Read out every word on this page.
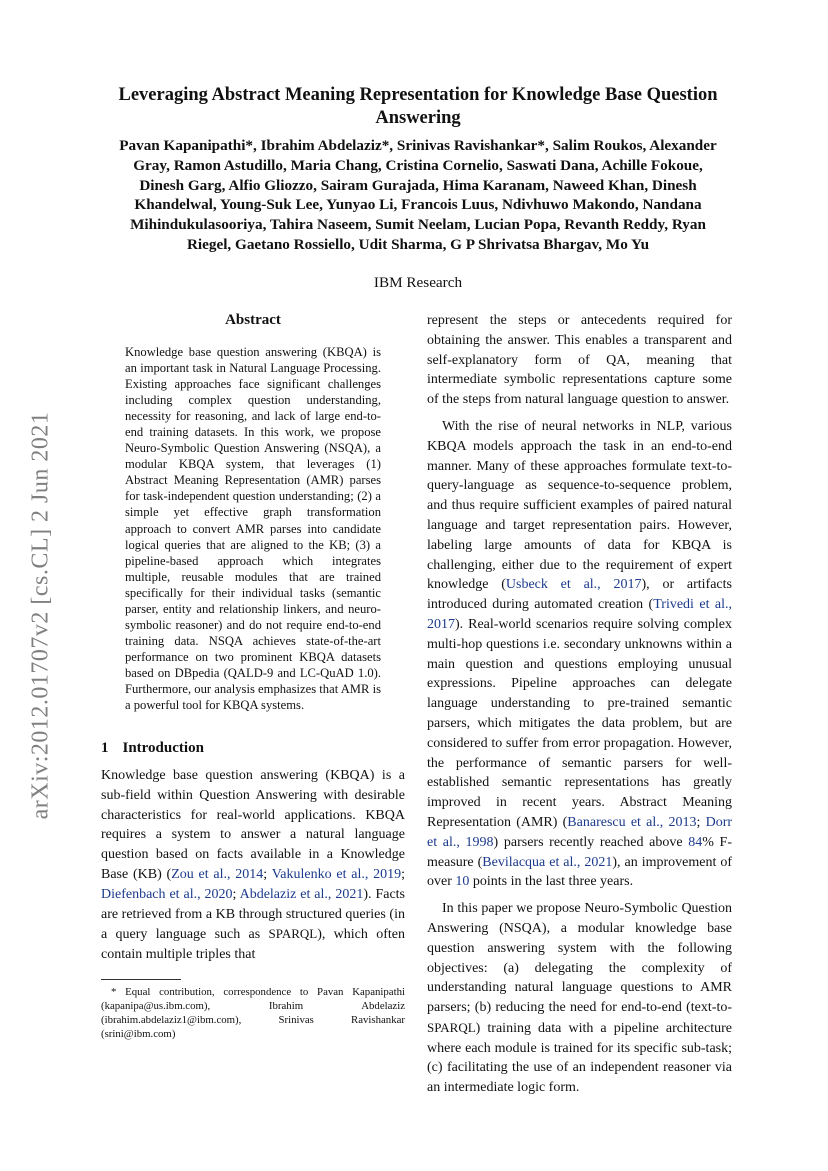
arXiv:2012.01707v2 [cs.CL] 2 Jun 2021
Leveraging Abstract Meaning Representation for Knowledge Base Question Answering
Pavan Kapanipathi*, Ibrahim Abdelaziz*, Srinivas Ravishankar*, Salim Roukos, Alexander Gray, Ramon Astudillo, Maria Chang, Cristina Cornelio, Saswati Dana, Achille Fokoue, Dinesh Garg, Alfio Gliozzo, Sairam Gurajada, Hima Karanam, Naweed Khan, Dinesh Khandelwal, Young-Suk Lee, Yunyao Li, Francois Luus, Ndivhuwo Makondo, Nandana Mihindukulasooriya, Tahira Naseem, Sumit Neelam, Lucian Popa, Revanth Reddy, Ryan Riegel, Gaetano Rossiello, Udit Sharma, G P Shrivatsa Bhargav, Mo Yu
IBM Research
Abstract

Knowledge base question answering (KBQA) is an important task in Natural Language Processing. Existing approaches face significant challenges including complex question understanding, necessity for reasoning, and lack of large end-to-end training datasets. In this work, we propose Neuro-Symbolic Question Answering (NSQA), a modular KBQA system, that leverages (1) Abstract Meaning Representation (AMR) parses for task-independent question understanding; (2) a simple yet effective graph transformation approach to convert AMR parses into candidate logical queries that are aligned to the KB; (3) a pipeline-based approach which integrates multiple, reusable modules that are trained specifically for their individual tasks (semantic parser, entity and relationship linkers, and neuro-symbolic reasoner) and do not require end-to-end training data. NSQA achieves state-of-the-art performance on two prominent KBQA datasets based on DBpedia (QALD-9 and LC-QuAD 1.0). Furthermore, our analysis emphasizes that AMR is a powerful tool for KBQA systems.

1 Introduction

Knowledge base question answering (KBQA) is a sub-field within Question Answering with desirable characteristics for real-world applications. KBQA requires a system to answer a natural language question based on facts available in a Knowledge Base (KB) (Zou et al., 2014; Vakulenko et al., 2019; Diefenbach et al., 2020; Abdelaziz et al., 2021). Facts are retrieved from a KB through structured queries (in a query language such as SPARQL), which often contain multiple triples that

* Equal contribution, correspondence to Pavan Kapanipathi (kapanipa@us.ibm.com), Ibrahim Abdelaziz (ibrahim.abdelaziz1@ibm.com), Srinivas Ravishankar (srini@ibm.com)

represent the steps or antecedents required for obtaining the answer. This enables a transparent and self-explanatory form of QA, meaning that intermediate symbolic representations capture some of the steps from natural language question to answer.

With the rise of neural networks in NLP, various KBQA models approach the task in an end-to-end manner. Many of these approaches formulate text-to-query-language as sequence-to-sequence problem, and thus require sufficient examples of paired natural language and target representation pairs. However, labeling large amounts of data for KBQA is challenging, either due to the requirement of expert knowledge (Usbeck et al., 2017), or artifacts introduced during automated creation (Trivedi et al., 2017). Real-world scenarios require solving complex multi-hop questions i.e. secondary unknowns within a main question and questions employing unusual expressions. Pipeline approaches can delegate language understanding to pre-trained semantic parsers, which mitigates the data problem, but are considered to suffer from error propagation. However, the performance of semantic parsers for well-established semantic representations has greatly improved in recent years. Abstract Meaning Representation (AMR) (Banarescu et al., 2013; Dorr et al., 1998) parsers recently reached above 84% F-measure (Bevilacqua et al., 2021), an improvement of over 10 points in the last three years.

In this paper we propose Neuro-Symbolic Question Answering (NSQA), a modular knowledge base question answering system with the following objectives: (a) delegating the complexity of understanding natural language questions to AMR parsers; (b) reducing the need for end-to-end (text-to-SPARQL) training data with a pipeline architecture where each module is trained for its specific sub-task; (c) facilitating the use of an independent reasoner via an intermediate logic form.
